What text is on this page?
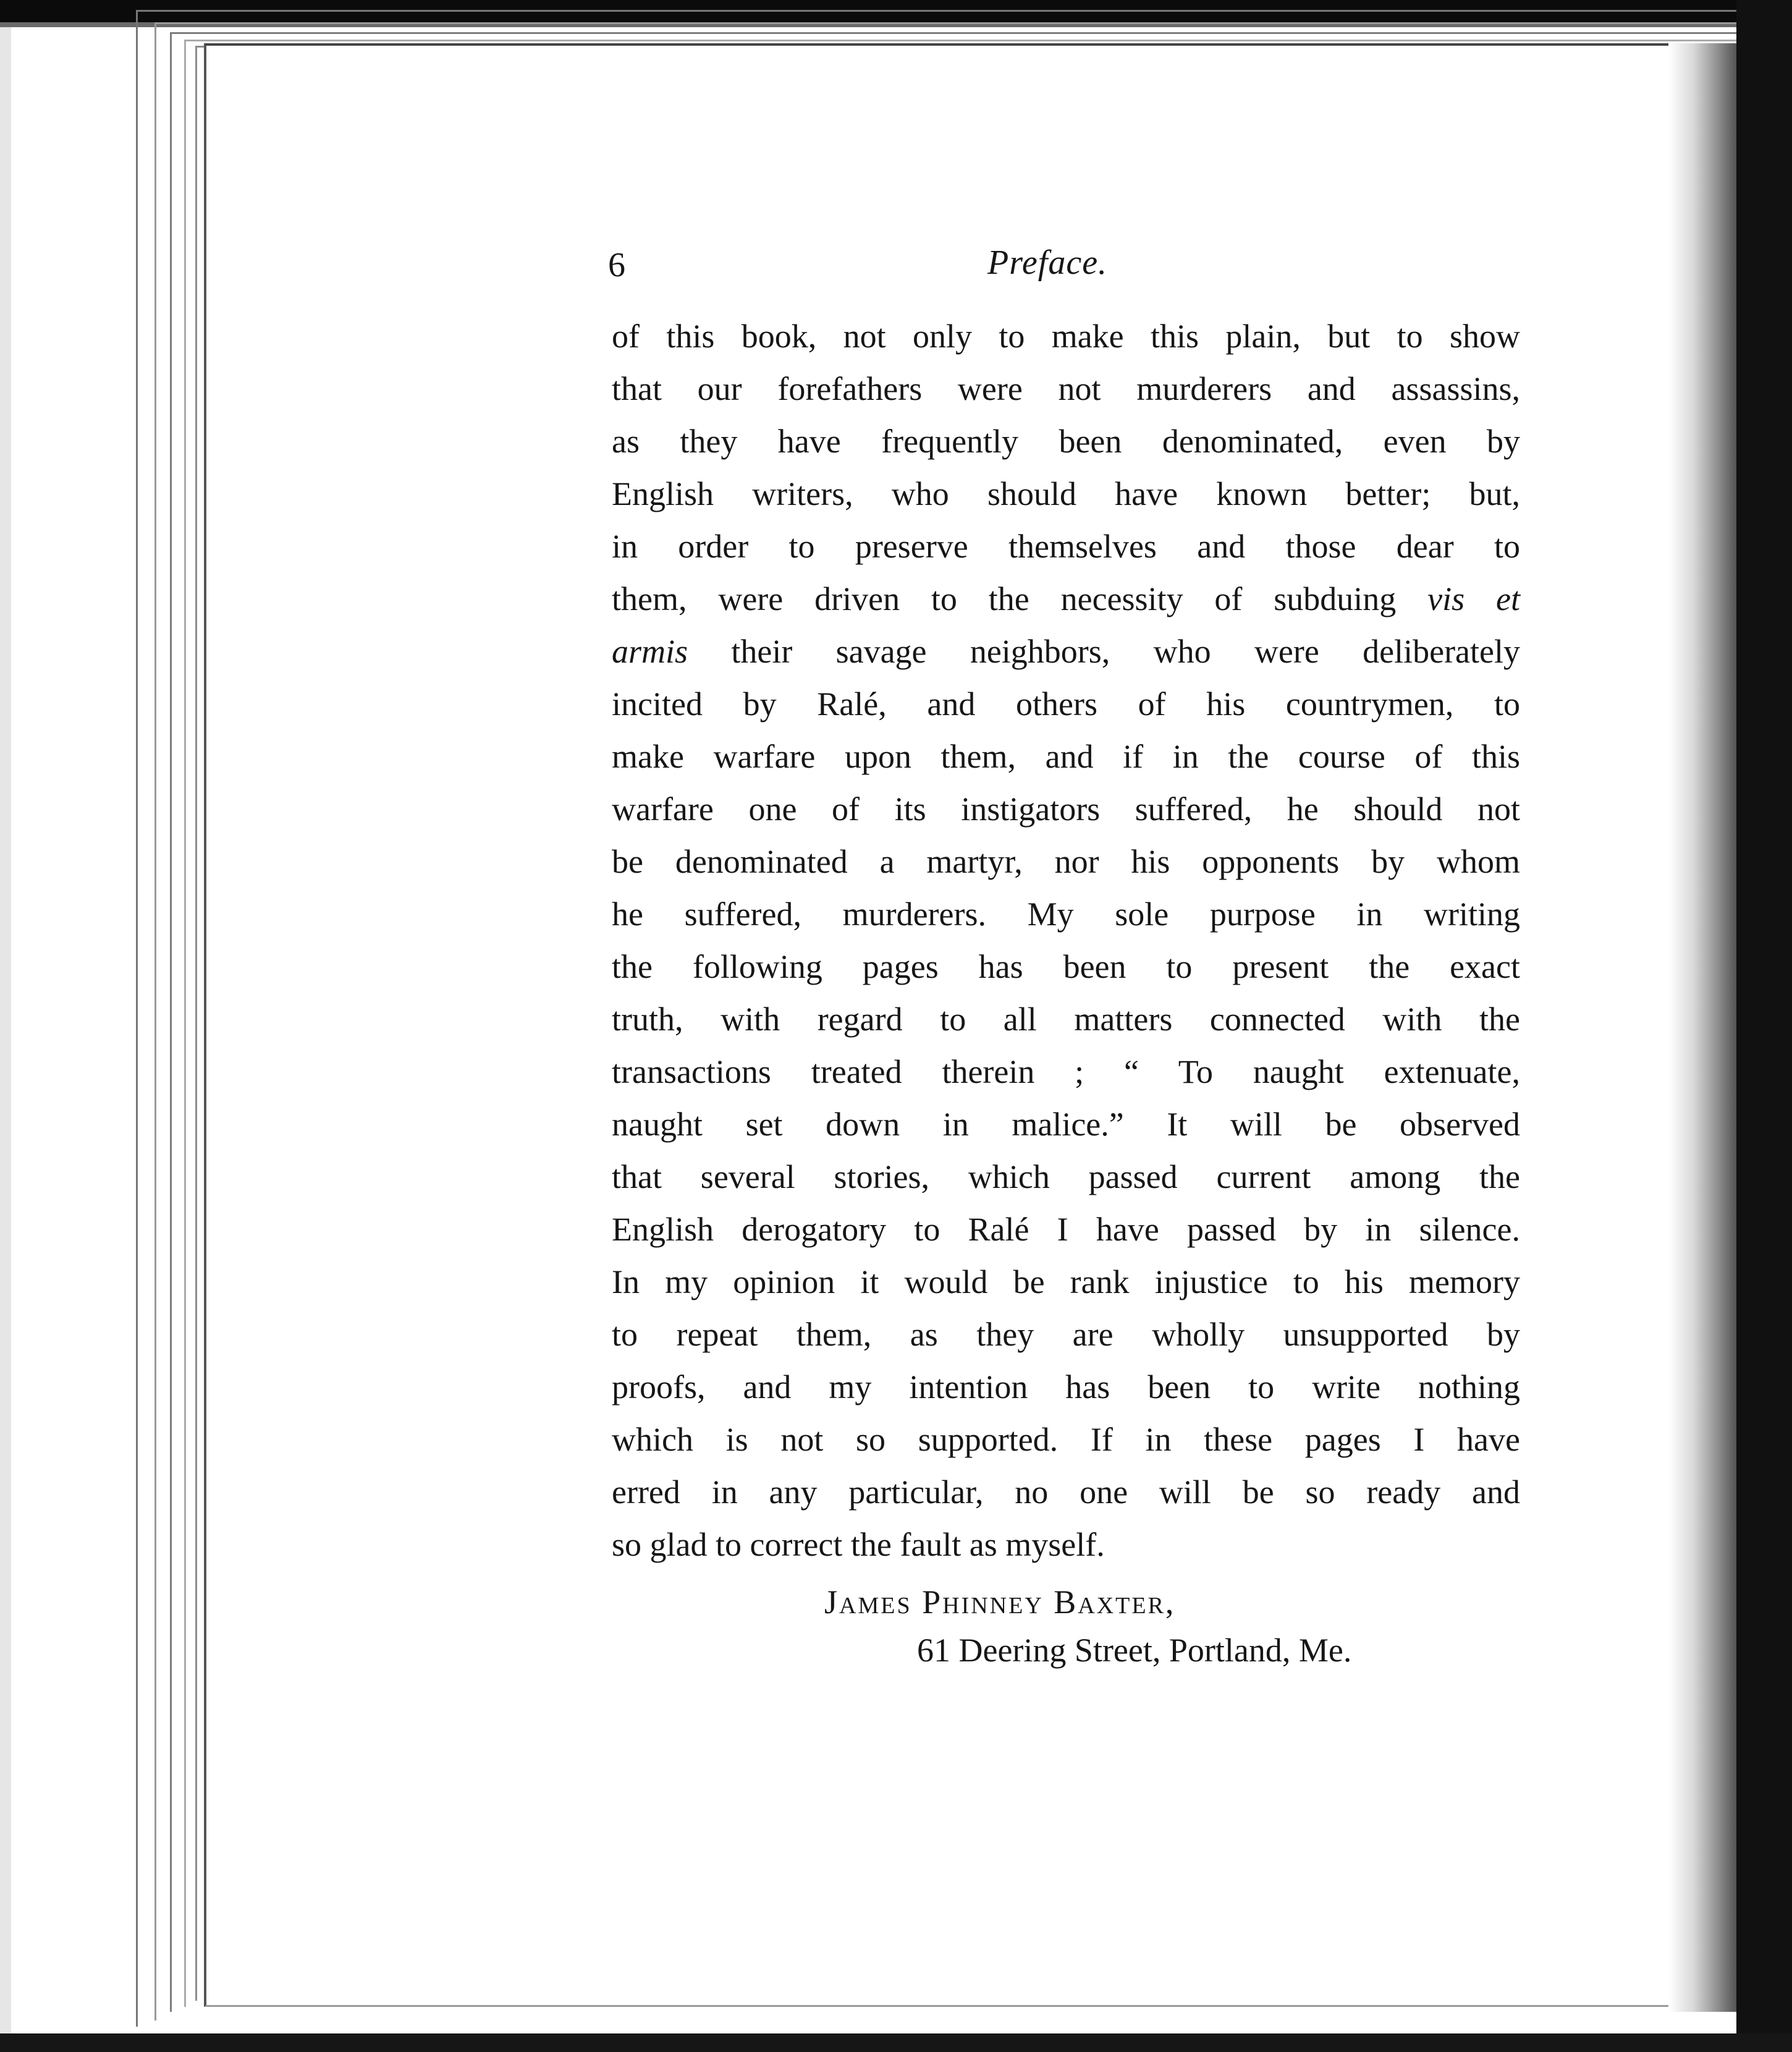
6	Preface.
of this book, not only to make this plain, but to show
that our forefathers were not murderers and assassins,
as they have frequently been denominated, even by
English writers, who should have known better; but,
in order to preserve themselves and those dear to
them, were driven to the necessity of subduing vis et
armis their savage neighbors, who were deliberately
incited by Ralé, and others of his countrymen, to
make warfare upon them, and if in the course of this
warfare one of its instigators suffered, he should not
be denominated a martyr, nor his opponents by whom
he suffered, murderers. My sole purpose in writing
the following pages has been to present the exact
truth, with regard to all matters connected with the
transactions treated therein ; “ To naught extenuate,
naught set down in malice.” It will be observed
that several stories, which passed current among the
English derogatory to Ralé I have passed by in silence.
In my opinion it would be rank injustice to his memory
to repeat them, as they are wholly unsupported by
proofs, and my intention has been to write nothing
which is not so supported. If in these pages I have
erred in any particular, no one will be so ready and
so glad to correct the fault as myself.
James Phinney Baxter,
61 Deering Street, Portland, Me.
